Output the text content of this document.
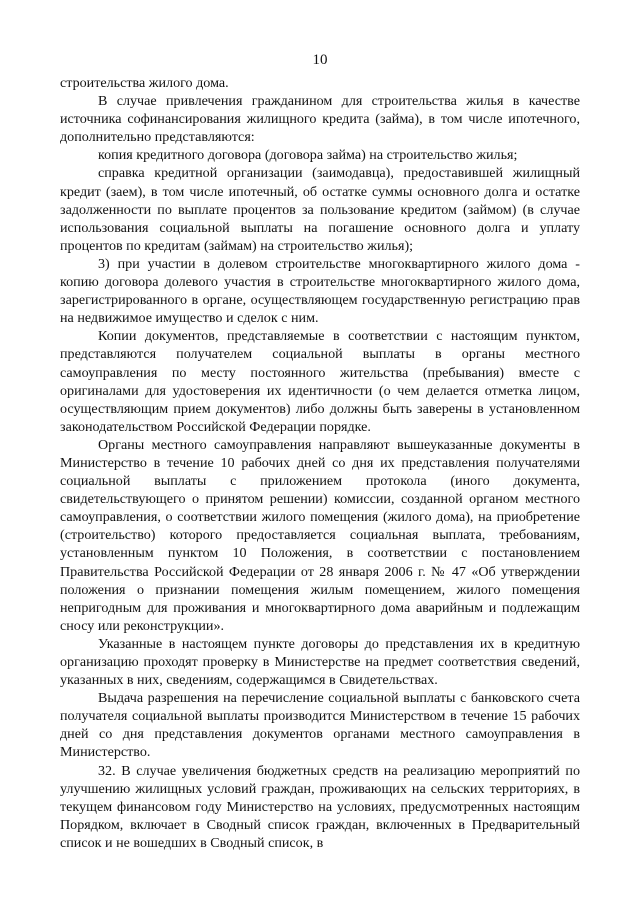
10

строительства жилого дома.

В случае привлечения гражданином для строительства жилья в качестве источника софинансирования жилищного кредита (займа), в том числе ипотечного, дополнительно представляются:

копия кредитного договора (договора займа) на строительство жилья;

справка кредитной организации (заимодавца), предоставившей жилищный кредит (заем), в том числе ипотечный, об остатке суммы основного долга и остатке задолженности по выплате процентов за пользование кредитом (займом) (в случае использования социальной выплаты на погашение основного долга и уплату процентов по кредитам (займам) на строительство жилья);

3) при участии в долевом строительстве многоквартирного жилого дома - копию договора долевого участия в строительстве многоквартирного жилого дома, зарегистрированного в органе, осуществляющем государственную регистрацию прав на недвижимое имущество и сделок с ним.

Копии документов, представляемые в соответствии с настоящим пунктом, представляются получателем социальной выплаты в органы местного самоуправления по месту постоянного жительства (пребывания) вместе с оригиналами для удостоверения их идентичности (о чем делается отметка лицом, осуществляющим прием документов) либо должны быть заверены в установленном законодательством Российской Федерации порядке.

Органы местного самоуправления направляют вышеуказанные документы в Министерство в течение 10 рабочих дней со дня их представления получателями социальной выплаты с приложением протокола (иного документа, свидетельствующего о принятом решении) комиссии, созданной органом местного самоуправления, о соответствии жилого помещения (жилого дома), на приобретение (строительство) которого предоставляется социальная выплата, требованиям, установленным пунктом 10 Положения, в соответствии с постановлением Правительства Российской Федерации от 28 января 2006 г. № 47 «Об утверждении положения о признании помещения жилым помещением, жилого помещения непригодным для проживания и многоквартирного дома аварийным и подлежащим сносу или реконструкции».

Указанные в настоящем пункте договоры до представления их в кредитную организацию проходят проверку в Министерстве на предмет соответствия сведений, указанных в них, сведениям, содержащимся в Свидетельствах.

Выдача разрешения на перечисление социальной выплаты с банковского счета получателя социальной выплаты производится Министерством в течение 15 рабочих дней со дня представления документов органами местного самоуправления в Министерство.

32. В случае увеличения бюджетных средств на реализацию мероприятий по улучшению жилищных условий граждан, проживающих на сельских территориях, в текущем финансовом году Министерство на условиях, предусмотренных настоящим Порядком, включает в Сводный список граждан, включенных в Предварительный список и не вошедших в Сводный список, в
